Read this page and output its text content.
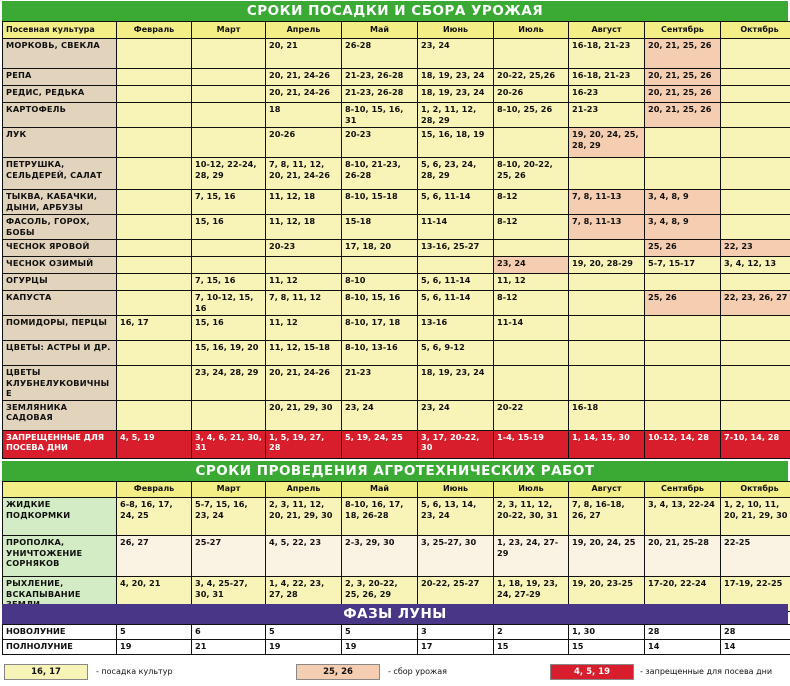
СРОКИ ПОСАДКИ И СБОРА УРОЖАЯ
Посевная культура	Февраль	Март	Апрель	Май	Июнь	Июль	Август	Сентябрь	Октябрь
МОРКОВЬ, СВЕКЛА			20, 21	26-28	23, 24		16-18, 21-23	20, 21, 25, 26	
РЕПА			20, 21, 24-26	21-23, 26-28	18, 19, 23, 24	20-22, 25,26	16-18, 21-23	20, 21, 25, 26	
РЕДИС, РЕДЬКА			20, 21, 24-26	21-23, 26-28	18, 19, 23, 24	20-26	16-23	20, 21, 25, 26	
КАРТОФЕЛЬ			18	8-10, 15, 16, 31	1, 2, 11, 12, 28, 29	8-10, 25, 26	21-23	20, 21, 25, 26	
ЛУК			20-26	20-23	15, 16, 18, 19		19, 20, 24, 25, 28, 29		
ПЕТРУШКА, СЕЛЬДЕРЕЙ, САЛАТ		10-12, 22-24, 28, 29	7, 8, 11, 12, 20, 21, 24-26	8-10, 21-23, 26-28	5, 6, 23, 24, 28, 29	8-10, 20-22, 25, 26			
ТЫКВА, КАБАЧКИ, ДЫНИ, АРБУЗЫ		7, 15, 16	11, 12, 18	8-10, 15-18	5, 6, 11-14	8-12	7, 8, 11-13	3, 4, 8, 9	
ФАСОЛЬ, ГОРОХ, БОБЫ		15, 16	11, 12, 18	15-18	11-14	8-12	7, 8, 11-13	3, 4, 8, 9	
ЧЕСНОК ЯРОВОЙ			20-23	17, 18, 20	13-16, 25-27			25, 26	22, 23
ЧЕСНОК ОЗИМЫЙ						23, 24	19, 20, 28-29	5-7, 15-17	3, 4, 12, 13
ОГУРЦЫ		7, 15, 16	11, 12	8-10	5, 6, 11-14	11, 12			
КАПУСТА		7, 10-12, 15, 16	7, 8, 11, 12	8-10, 15, 16	5, 6, 11-14	8-12		25, 26	22, 23, 26, 27
ПОМИДОРЫ, ПЕРЦЫ	16, 17	15, 16	11, 12	8-10, 17, 18	13-16	11-14			
ЦВЕТЫ: АСТРЫ И ДР.		15, 16, 19, 20	11, 12, 15-18	8-10, 13-16	5, 6, 9-12				
ЦВЕТЫ КЛУБНЕЛУКОВИЧНЫЕ		23, 24, 28, 29	20, 21, 24-26	21-23	18, 19, 23, 24				
ЗЕМЛЯНИКА САДОВАЯ			20, 21, 29, 30	23, 24	23, 24	20-22	16-18		
ЗАПРЕЩЕННЫЕ ДЛЯ ПОСЕВА ДНИ	4, 5, 19	3, 4, 6, 21, 30, 31	1, 5, 19, 27, 28	5, 19, 24, 25	3, 17, 20-22, 30	1-4, 15-19	1, 14, 15, 30	10-12, 14, 28	7-10, 14, 28
СРОКИ ПРОВЕДЕНИЯ АГРОТЕХНИЧЕСКИХ РАБОТ
	Февраль	Март	Апрель	Май	Июнь	Июль	Август	Сентябрь	Октябрь
ЖИДКИЕ ПОДКОРМКИ	6-8, 16, 17, 24, 25	5-7, 15, 16, 23, 24	2, 3, 11, 12, 20, 21, 29, 30	8-10, 16, 17, 18, 26-28	5, 6, 13, 14, 23, 24	2, 3, 11, 12, 20-22, 30, 31	7, 8, 16-18, 26, 27	3, 4, 13, 22-24	1, 2, 10, 11, 20, 21, 29, 30
ПРОПОЛКА, УНИЧТОЖЕНИЕ СОРНЯКОВ	26, 27	25-27	4, 5, 22, 23	2-3, 29, 30	3, 25-27, 30	1, 23, 24, 27-29	19, 20, 24, 25	20, 21, 25-28	22-25
РЫХЛЕНИЕ, ВСКАПЫВАНИЕ	4, 20, 21	3, 4, 25-27, 30, 31	1, 4, 22, 23, 27, 28	2, 3, 20-22, 25, 26, 29	20-22, 25-27	1, 18, 19, 23, 24, 27-29	19, 20, 23-25	17-20, 22-24	17-19, 22-25
ФАЗЫ ЛУНЫ
НОВОЛУНИЕ	5	6	5	5	3	2	1, 30	28	28
ПОЛНОЛУНИЕ	19	21	19	19	17	15	15	14	14
16, 17	- посадка культур	25, 26	- сбор урожая	4, 5, 19	- запрещенные для посева дни
